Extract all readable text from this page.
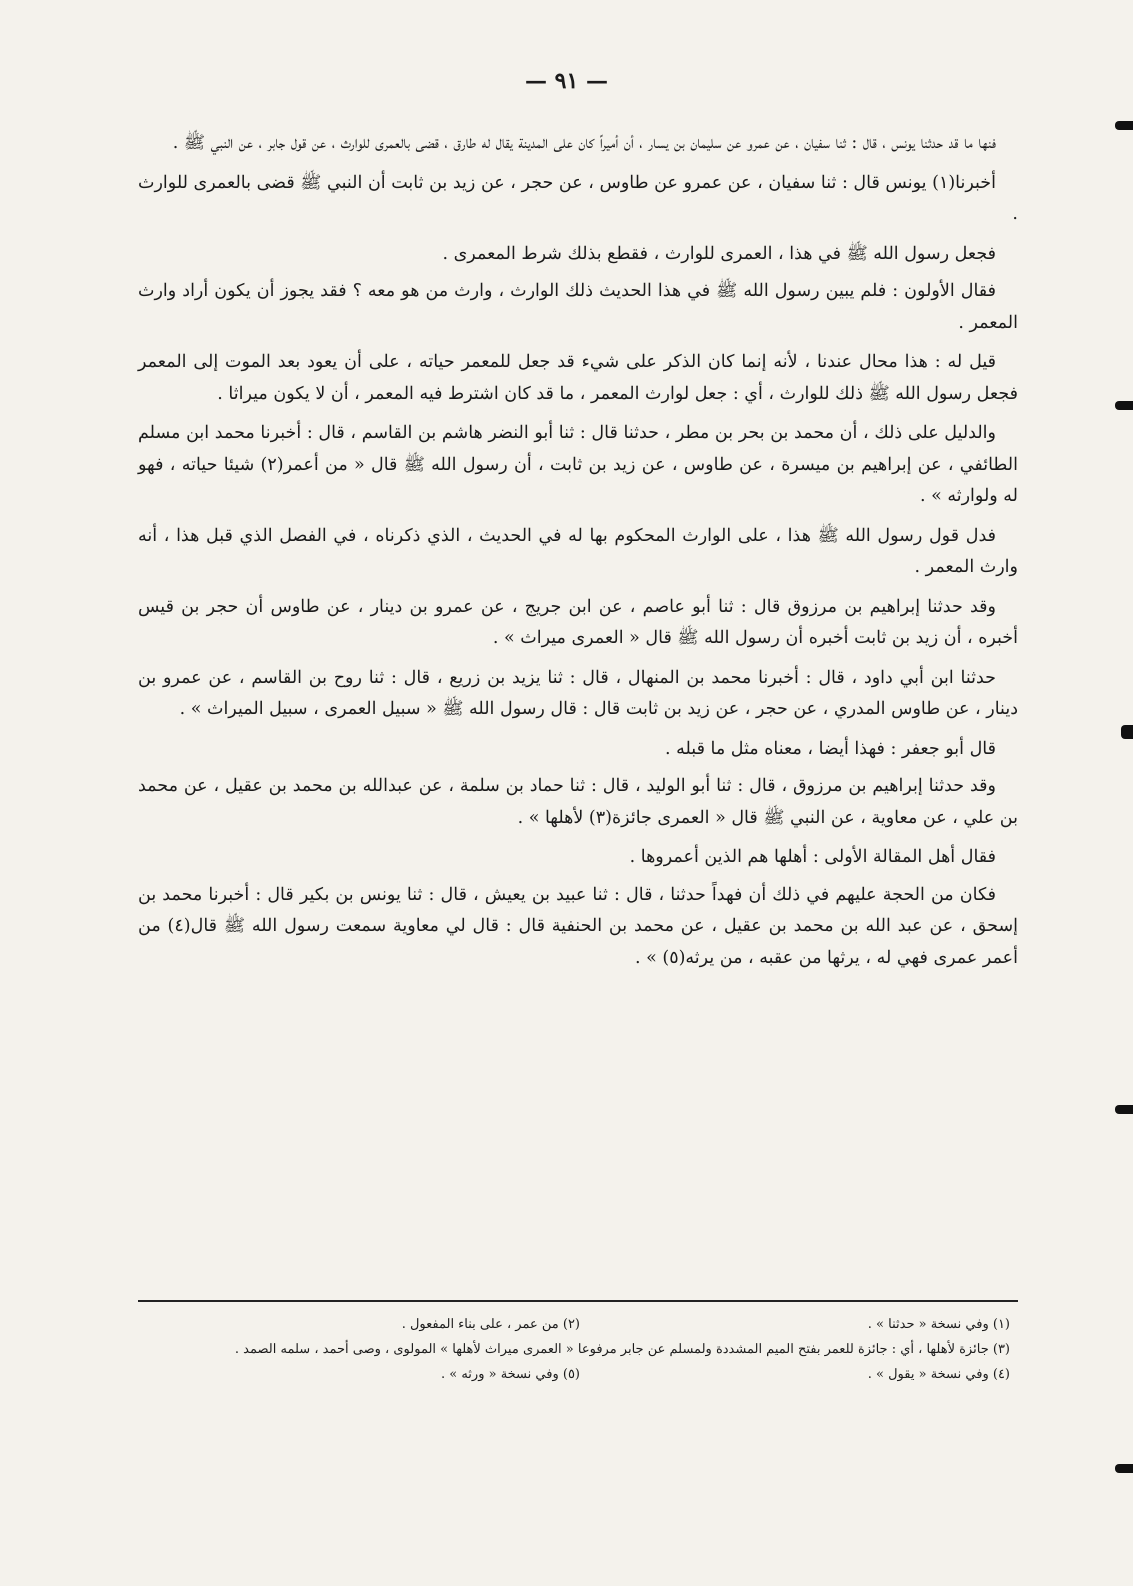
— ٩١ —

فنها ما قد حدثنا يونس ، قال : ثنا سفيان ، عن عمرو عن سليمان بن يسار ، أن أميراً كان على المدينة يقال له طارق ، قضى بالعمرى للوارث ، عن قول جابر ، عن النبي ﷺ .

أخبرنا(١) يونس قال : ثنا سفيان ، عن عمرو عن طاوس ، عن حجر ، عن زيد بن ثابت أن النبي ﷺ قضى بالعمرى للوارث .

فجعل رسول الله ﷺ في هذا ، العمرى للوارث ، فقطع بذلك شرط المعمرى .

فقال الأولون : فلم يبين رسول الله ﷺ في هذا الحديث ذلك الوارث ، وارث من هو معه ؟ فقد يجوز أن يكون أراد وارث المعمر .

قيل له : هذا محال عندنا ، لأنه إنما كان الذكر على شيء قد جعل للمعمر حياته ، على أن يعود بعد الموت إلى المعمر فجعل رسول الله ﷺ ذلك للوارث ، أي : جعل لوارث المعمر ، ما قد كان اشترط فيه المعمر ، أن لا يكون ميراثا .

والدليل على ذلك ، أن محمد بن بحر بن مطر ، حدثنا قال : ثنا أبو النضر هاشم بن القاسم ، قال : أخبرنا محمد ابن مسلم الطائفي ، عن إبراهيم بن ميسرة ، عن طاوس ، عن زيد بن ثابت ، أن رسول الله ﷺ قال « من أعمر(٢) شيئا حياته ، فهو له ولوارثه » .

فدل قول رسول الله ﷺ هذا ، على الوارث المحكوم بها له في الحديث ، الذي ذكرناه ، في الفصل الذي قبل هذا ، أنه وارث المعمر .

وقد حدثنا إبراهيم بن مرزوق قال : ثنا أبو عاصم ، عن ابن جريج ، عن عمرو بن دينار ، عن طاوس أن حجر بن قيس أخبره ، أن زيد بن ثابت أخبره أن رسول الله ﷺ قال « العمرى ميراث » .

حدثنا ابن أبي داود ، قال : أخبرنا محمد بن المنهال ، قال : ثنا يزيد بن زريع ، قال : ثنا روح بن القاسم ، عن عمرو بن دينار ، عن طاوس المدري ، عن حجر ، عن زيد بن ثابت قال : قال رسول الله ﷺ « سبيل العمرى ، سبيل الميراث » .

قال أبو جعفر : فهذا أيضا ، معناه مثل ما قبله .

وقد حدثنا إبراهيم بن مرزوق ، قال : ثنا أبو الوليد ، قال : ثنا حماد بن سلمة ، عن عبدالله بن محمد بن عقيل ، عن محمد بن علي ، عن معاوية ، عن النبي ﷺ قال « العمرى جائزة(٣) لأهلها » .

فقال أهل المقالة الأولى : أهلها هم الذين أعمروها .

فكان من الحجة عليهم في ذلك أن فهداً حدثنا ، قال : ثنا عبيد بن يعيش ، قال : ثنا يونس بن بكير قال : أخبرنا محمد بن إسحق ، عن عبد الله بن محمد بن عقيل ، عن محمد بن الحنفية قال : قال لي معاوية سمعت رسول الله ﷺ قال(٤) من أعمر عمرى فهي له ، يرثها من عقبه ، من يرثه(٥) » .

(١) وفي نسخة « حدثنا » .
(٢) من عمر ، على بناء المفعول .
(٣) جائزة لأهلها ، أي : جائزة للعمر بفتح الميم المشددة ولمسلم عن جابر مرفوعا « العمرى ميراث لأهلها » المولوى ، وصى أحمد ، سلمه الصمد .
(٤) وفي نسخة « يقول » .
(٥) وفي نسخة « ورثه » .
